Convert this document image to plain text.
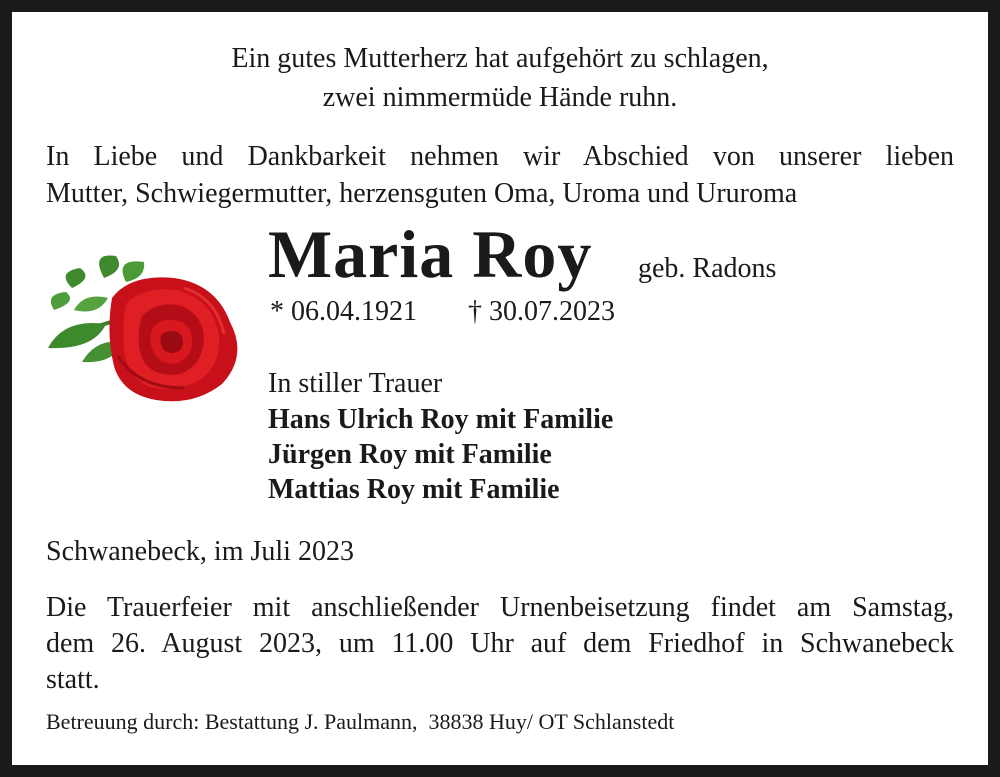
Ein gutes Mutterherz hat aufgehört zu schlagen,

zwei nimmermüde Hände ruhn.

In Liebe und Dankbarkeit nehmen wir Abschied von unserer lieben
Mutter, Schwiegermutter, herzensguten Oma, Uroma und Ururoma

Maria Roy geb. Radons
* 06.04.1921 † 30.07.2023
In stiller Trauer
Hans Ulrich Roy mit Familie
Jürgen Roy mit Familie
Mattias Roy mit Familie

Schwanebeck, im Juli 2023

Die Trauerfeier mit anschließender Urnenbeisetzung findet am Samstag,
dem 26. August 2023, um 11.00 Uhr auf dem Friedhof in Schwanebeck
statt.

Betreuung durch: Bestattung J. Paulmann,  38838 Huy/ OT Schlanstedt
